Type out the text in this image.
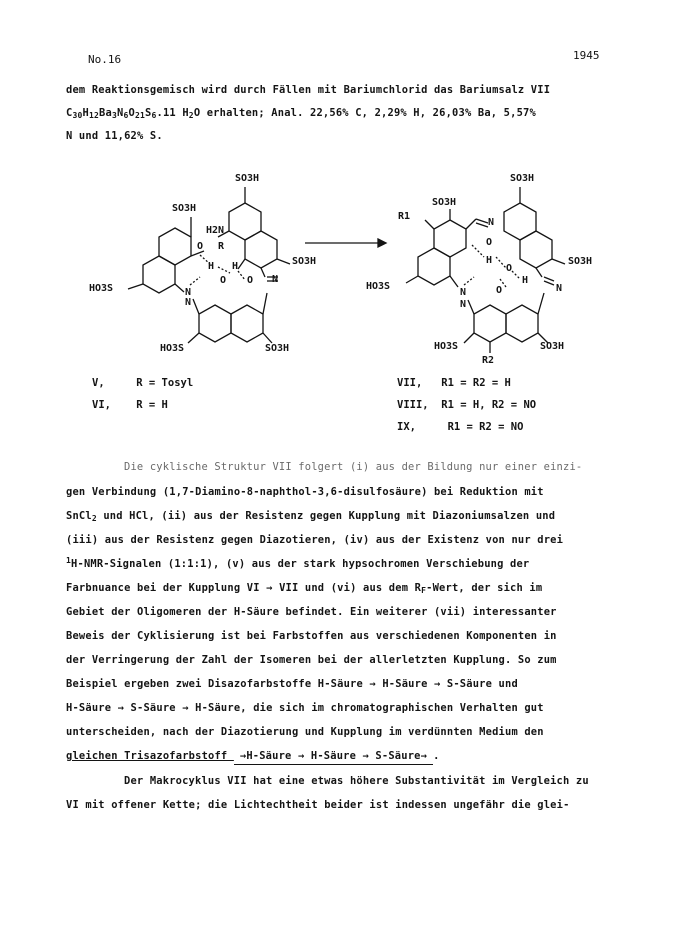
No.16	1945
dem Reaktionsgemisch wird durch Fällen mit Bariumchlorid das Bariumsalz VII
$C_{30}H_{12}Ba_3N_6O_{21}S_6.11$ $H_2O$ erhalten; Anal. 22,56% C, 2,29% H, 26,03% Ba, 5,57%
N und 11,62% S.
SO3H
SO3H
H2N
O R
H H
O O
SO3H
HO3S	N
N
N
HO3S	SO3H
SO3H
SO3H
R1
N
O
H
O
H
N
SO3H
HO3S
N
N
O
HO3S	SO3H
R2
V,	R = Tosyl
VI, R = H
VII, R1 = R2 = H
VIII, R1 = H, R2 = NO
IX,	R1 = R2 = NO
Die cyklische Struktur VII folgert (i) aus der Bildung nur einer einzi-
gen Verbindung (1,7-Diamino-8-naphthol-3,6-disulfosäure) bei Reduktion mit
SnCl$_2$ und HCl, (ii) aus der Resistenz gegen Kupplung mit Diazoniumsalzen und
(iii) aus der Resistenz gegen Diazotieren, (iv) aus der Existenz von nur drei
$^1$H-NMR-Signalen (1:1:1), (v) aus der stark hypsochromen Verschiebung der
Farbnuance bei der Kupplung VI → VII und (vi) aus dem $R_F$-Wert, der sich im
Gebiet der Oligomeren der H-Säure befindet. Ein weiterer (vii) interessanter
Beweis der Cyklisierung ist bei Farbstoffen aus verschiedenen Komponenten in
der Verringerung der Zahl der Isomeren bei der allerletzten Kupplung. So zum
Beispiel ergeben zwei Disazofarbstoffe H-Säure → H-Säure → S-Säure und
H-Säure → S-Säure → H-Säure, die sich im chromatographischen Verhalten gut
unterscheiden, nach der Diazotierung und Kupplung im verdünnten Medium den
gleichen Trisazofarbstoff →H-Säure → H-Säure → S-Säure→ .
Der Makrocyklus VII hat eine etwas höhere Substantivität im Vergleich zu
VI mit offener Kette; die Lichtechtheit beider ist indessen ungefähr die glei-
